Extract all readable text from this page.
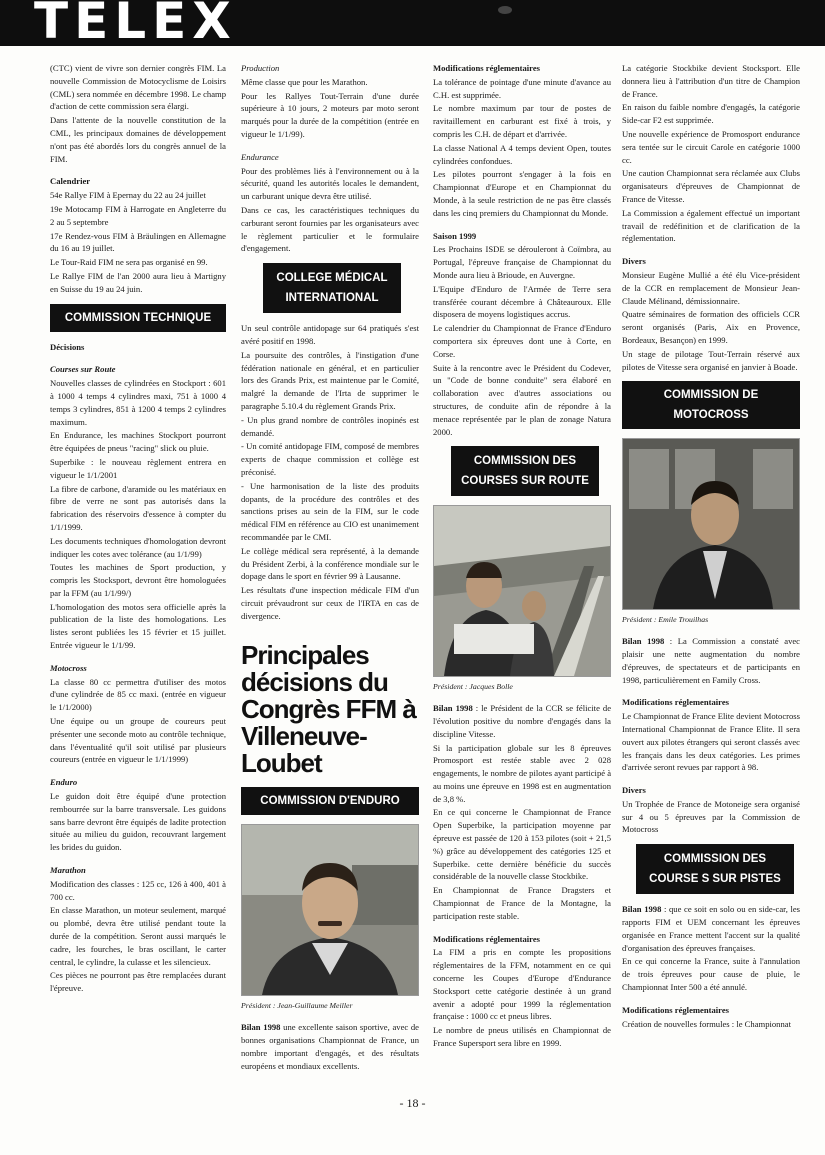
TELEX

(CTC) vient de vivre son dernier congrès FIM. La nouvelle Commission de Motocyclisme de Loisirs (CML) sera nommée en décembre 1998. Le champ d'action de cette commission sera élargi.

Dans l'attente de la nouvelle constitution de la CML, les principaux domaines de développement n'ont pas été abordés lors du congrès annuel de la FIM.

Calendrier

54e Rallye FIM à Epernay du 22 au 24 juillet

19e Motocamp FIM à Harrogate en Angleterre du 2 au 5 septembre

17e Rendez-vous FIM à Bräulingen en Allemagne du 16 au 19 juillet.

Le Tour-Raid FIM ne sera pas organisé en 99.

Le Rallye FIM de l'an 2000 aura lieu à Martigny en Suisse du 19 au 24 juin.

COMMISSION TECHNIQUE

Décisions

Courses sur Route

Nouvelles classes de cylindrées en Stockport : 601 à 1000 4 temps 4 cylindres maxi, 751 à 1000 4 temps 3 cylindres, 851 à 1200 4 temps 2 cylindres maximum.

En Endurance, les machines Stockport pourront être équipées de pneus "racing" slick ou pluie.

Superbike : le nouveau règlement entrera en vigueur le 1/1/2001

La fibre de carbone, d'aramide ou les matériaux en fibre de verre ne sont pas autorisés dans la fabrication des réservoirs d'essence à compter du 1/1/1999.

Les documents techniques d'homologation devront indiquer les cotes avec tolérance (au 1/1/99)

Toutes les machines de Sport production, y compris les Stocksport, devront être homologuées par la FFM (au 1/1/99/)

L'homologation des motos sera officielle après la publication de la liste des homologations. Les listes seront publiées les 15 février et 15 juillet. Entrée vigueur le 1/1/99.

Motocross

La classe 80 cc permettra d'utiliser des motos d'une cylindrée de 85 cc maxi. (entrée en vigueur le 1/1/2000)

Une équipe ou un groupe de coureurs peut présenter une seconde moto au contrôle technique, dans l'éventualité qu'il soit utilisé par plusieurs coureurs (entrée en vigueur le 1/1/1999)

Enduro

Le guidon doit être équipé d'une protection rembourrée sur la barre transversale. Les guidons sans barre devront être équipés de ladite protection située au milieu du guidon, recouvrant largement les brides du guidon.

Marathon

Modification des classes : 125 cc, 126 à 400, 401 à 700 cc.

En classe Marathon, un moteur seulement, marqué ou plombé, devra être utilisé pendant toute la durée de la compétition. Seront aussi marqués le cadre, les fourches, le bras oscillant, le carter central, le cylindre, la culasse et les silencieux.

Ces pièces ne pourront pas être remplacées durant l'épreuve.

Production

Même classe que pour les Marathon.

Pour les Rallyes Tout-Terrain d'une durée supérieure à 10 jours, 2 moteurs par moto seront marqués pour la durée de la compétition (entrée en vigueur le 1/1/99).

Endurance

Pour des problèmes liés à l'environnement ou à la sécurité, quand les autorités locales le demandent, un carburant unique devra être utilisé.

Dans ce cas, les caractéristiques techniques du carburant seront fournies par les organisateurs avec le règlement particulier et le formulaire d'engagement.

COLLEGE MÉDICAL INTERNATIONAL

Un seul contrôle antidopage sur 64 pratiqués s'est avéré positif en 1998.

La poursuite des contrôles, à l'instigation d'une fédération nationale en général, et en particulier lors des Grands Prix, est maintenue par le Comité, malgré la demande de l'Irta de supprimer le paragraphe 5.10.4 du règlement Grands Prix.

- Un plus grand nombre de contrôles inopinés est demandé.

- Un comité antidopage FIM, composé de membres experts de chaque commission et collège est préconisé.

- Une harmonisation de la liste des produits dopants, de la procédure des contrôles et des sanctions prises au sein de la FIM, sur le code médical FIM en référence au CIO est unanimement recommandée par le CMI.

Le collège médical sera représenté, à la demande du Président Zerbi, à la conférence mondiale sur le dopage dans le sport en février 99 à Lausanne.

Les résultats d'une inspection médicale FIM d'un circuit prévaudront sur ceux de l'IRTA en cas de divergence.

Principales décisions du Congrès FFM à Villeneuve-Loubet
COMMISSION D'ENDURO

Président : Jean-Guillaume Meiller

Bilan 1998 une excellente saison sportive, avec de bonnes organisations Championnat de France, un nombre important d'engagés, et des résultats européens et mondiaux excellents.

Modifications réglementaires

La tolérance de pointage d'une minute d'avance au C.H. est supprimée.

Le nombre maximum par tour de postes de ravitaillement en carburant est fixé à trois, y compris les C.H. de départ et d'arrivée.

La classe National A 4 temps devient Open, toutes cylindrées confondues.

Les pilotes pourront s'engager à la fois en Championnat d'Europe et en Championnat du Monde, à la seule restriction de ne pas être classés dans les cinq premiers du Championnat du Monde.

Saison 1999

Les Prochains ISDE se dérouleront à Coïmbra, au Portugal, l'épreuve française de Championnat du Monde aura lieu à Brioude, en Auvergne.

L'Equipe d'Enduro de l'Armée de Terre sera transférée courant décembre à Châteauroux. Elle disposera de moyens logistiques accrus.

Le calendrier du Championnat de France d'Enduro comportera six épreuves dont une à Corte, en Corse.

Suite à la rencontre avec le Président du Codever, un "Code de bonne conduite" sera élaboré en collaboration avec d'autres associations ou structures, de conduite afin de répondre à la menace représentée par le plan de zonage Natura 2000.

COMMISSION DES COURSES SUR ROUTE

Président : Jacques Bolle

Bilan 1998 : le Président de la CCR se félicite de l'évolution positive du nombre d'engagés dans la discipline Vitesse.

Si la participation globale sur les 8 épreuves Promosport est restée stable avec 2 028 engagements, le nombre de pilotes ayant participé à au moins une épreuve en 1998 est en augmentation de 3,8 %.

En ce qui concerne le Championnat de France Open Superbike, la participation moyenne par épreuve est passée de 120 à 153 pilotes (soit + 21,5 %) grâce au développement des catégories 125 et Superbike. cette dernière bénéficie du succès considérable de la nouvelle classe Stockbike.

En Championnat de France Dragsters et Championnat de France de la Montagne, la participation reste stable.

Modifications réglementaires

La FIM a pris en compte les propositions réglementaires de la FFM, notamment en ce qui concerne les Coupes d'Europe d'Endurance Stocksport cette catégorie destinée à un grand avenir a adopté pour 1999 la réglementation française : 1000 cc et pneus libres.

Le nombre de pneus utilisés en Championnat de France Supersport sera libre en 1999.

La catégorie Stockbike devient Stocksport. Elle donnera lieu à l'attribution d'un titre de Champion de France.

En raison du faible nombre d'engagés, la catégorie Side-car F2 est supprimée.

Une nouvelle expérience de Promosport endurance sera tentée sur le circuit Carole en catégorie 1000 cc.

Une caution Championnat sera réclamée aux Clubs organisateurs d'épreuves de Championnat de France de Vitesse.

La Commission a également effectué un important travail de redéfinition et de clarification de la réglementation.

Divers

Monsieur Eugène Mullié a été élu Vice-président de la CCR en remplacement de Monsieur Jean-Claude Mélinand, démissionnaire.

Quatre séminaires de formation des officiels CCR seront organisés (Paris, Aix en Provence, Bordeaux, Besançon) en 1999.

Un stage de pilotage Tout-Terrain réservé aux pilotes de Vitesse sera organisé en janvier à Boade.

COMMISSION DE MOTOCROSS

Président : Emile Trouilhas

Bilan 1998 : La Commission a constaté avec plaisir une nette augmentation du nombre d'épreuves, de spectateurs et de participants en 1998, particulièrement en Family Cross.

Modifications réglementaires

Le Championnat de France Elite devient Motocross International Championnat de France Elite. Il sera ouvert aux pilotes étrangers qui seront classés avec les français dans les deux catégories. Les primes d'arrivée seront revues par rapport à 98.

Divers

Un Trophée de France de Motoneige sera organisé sur 4 ou 5 épreuves par la Commission de Motocross

COMMISSION DES COURSE S SUR PISTES

Bilan 1998 : que ce soit en solo ou en side-car, les rapports FIM et UEM concernant les épreuves organisée en France mettent l'accent sur la qualité d'organisation des épreuves françaises.

En ce qui concerne la France, suite à l'annulation de trois épreuves pour cause de pluie, le Championnat Inter 500 a été annulé.

Modifications réglementaires

Création de nouvelles formules : le Championnat

- 18 -
